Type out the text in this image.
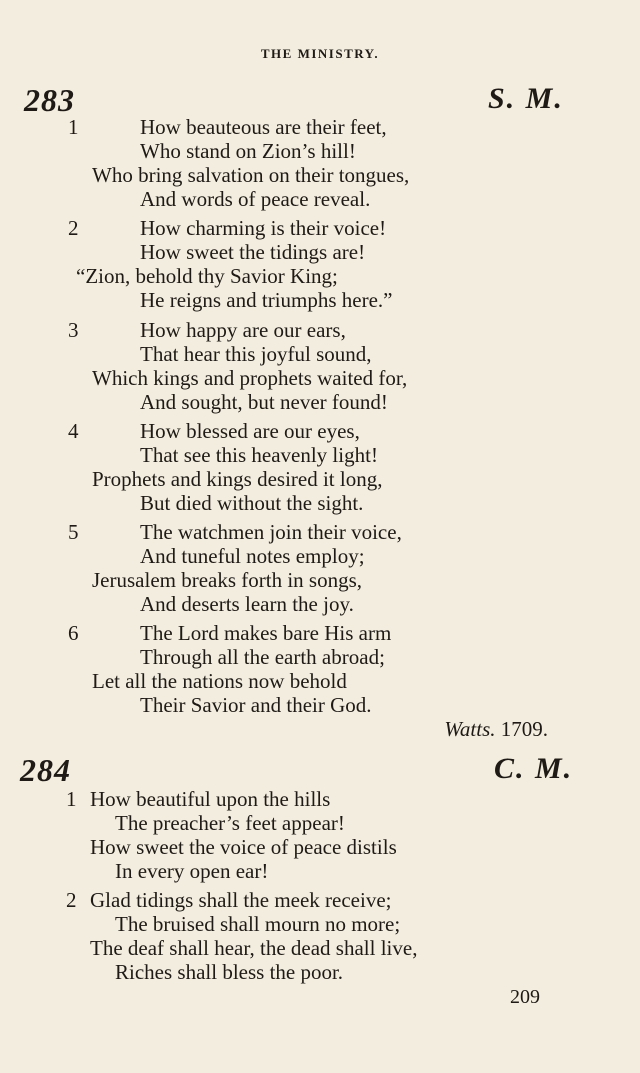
THE MINISTRY.
283	S. M.
1	How beauteous are their feet,
Who stand on Zion’s hill!
Who bring salvation on their tongues,
And words of peace reveal.
2	How charming is their voice!
How sweet the tidings are!
“Zion, behold thy Savior King;
He reigns and triumphs here.”
3	How happy are our ears,
That hear this joyful sound,
Which kings and prophets waited for,
And sought, but never found!
4	How blessed are our eyes,
That see this heavenly light!
Prophets and kings desired it long,
But died without the sight.
5	The watchmen join their voice,
And tuneful notes employ;
Jerusalem breaks forth in songs,
And deserts learn the joy.
6	The Lord makes bare His arm
Through all the earth abroad;
Let all the nations now behold
Their Savior and their God.
Watts. 1709.
284	C. M.
1 How beautiful upon the hills
The preacher’s feet appear!
How sweet the voice of peace distils
In every open ear!
2 Glad tidings shall the meek receive;
The bruised shall mourn no more;
The deaf shall hear, the dead shall live,
Riches shall bless the poor.
209
